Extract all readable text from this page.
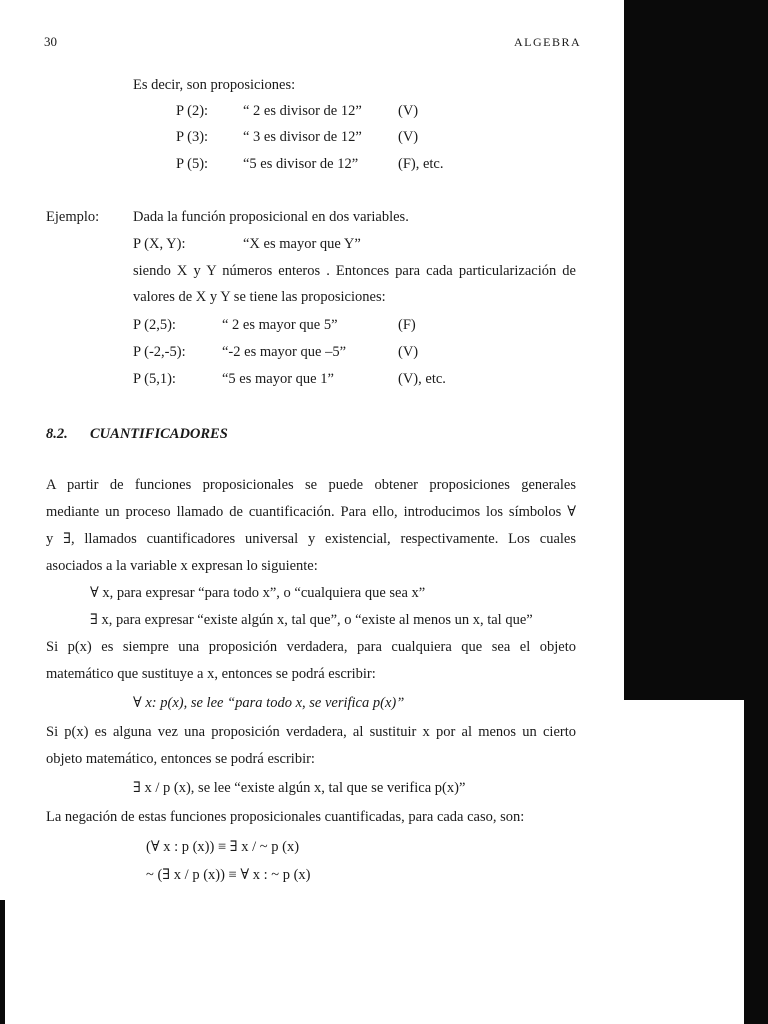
30	ALGEBRA
Es decir, son proposiciones:
P (2): “ 2 es divisor de 12” (V)
P (3): “ 3 es divisor de 12” (V)
P (5): “5 es divisor de 12”	(F), etc.
Ejemplo: Dada la función proposicional en dos variables.
P (X, Y):	“X es mayor que Y”
siendo X y Y números enteros . Entonces para cada particularización de
valores de X y Y se tiene las proposiciones:
P (2,5):	“ 2 es mayor que 5”	(F)
P (-2,-5):	“-2 es mayor que –5”	(V)
P (5,1):	“5 es mayor que 1”	(V), etc.
8.2. CUANTIFICADORES
A partir de funciones proposicionales se puede obtener proposiciones generales
mediante un proceso llamado de cuantificación. Para ello, introducimos los símbolos ∀
y ∃, llamados cuantificadores universal y existencial, respectivamente. Los cuales
asociados a la variable x expresan lo siguiente:
∀ x, para expresar “para todo x”, o “cualquiera que sea x”
∃ x, para expresar “existe algún x, tal que”, o “existe al menos un x, tal que”
Si p(x) es siempre una proposición verdadera, para cualquiera que sea el objeto
matemático que sustituye a x, entonces se podrá escribir:
∀ x: p(x), se lee “para todo x, se verifica p(x)”
Si p(x) es alguna vez una proposición verdadera, al sustituir x por al menos un cierto
objeto matemático, entonces se podrá escribir:
∃ x / p (x), se lee “existe algún x, tal que se verifica p(x)”
La negación de estas funciones proposicionales cuantificadas, para cada caso, son:
(∀ x : p (x)) ≡ ∃ x / ~ p (x)
~ (∃ x / p (x)) ≡ ∀ x : ~ p (x)
